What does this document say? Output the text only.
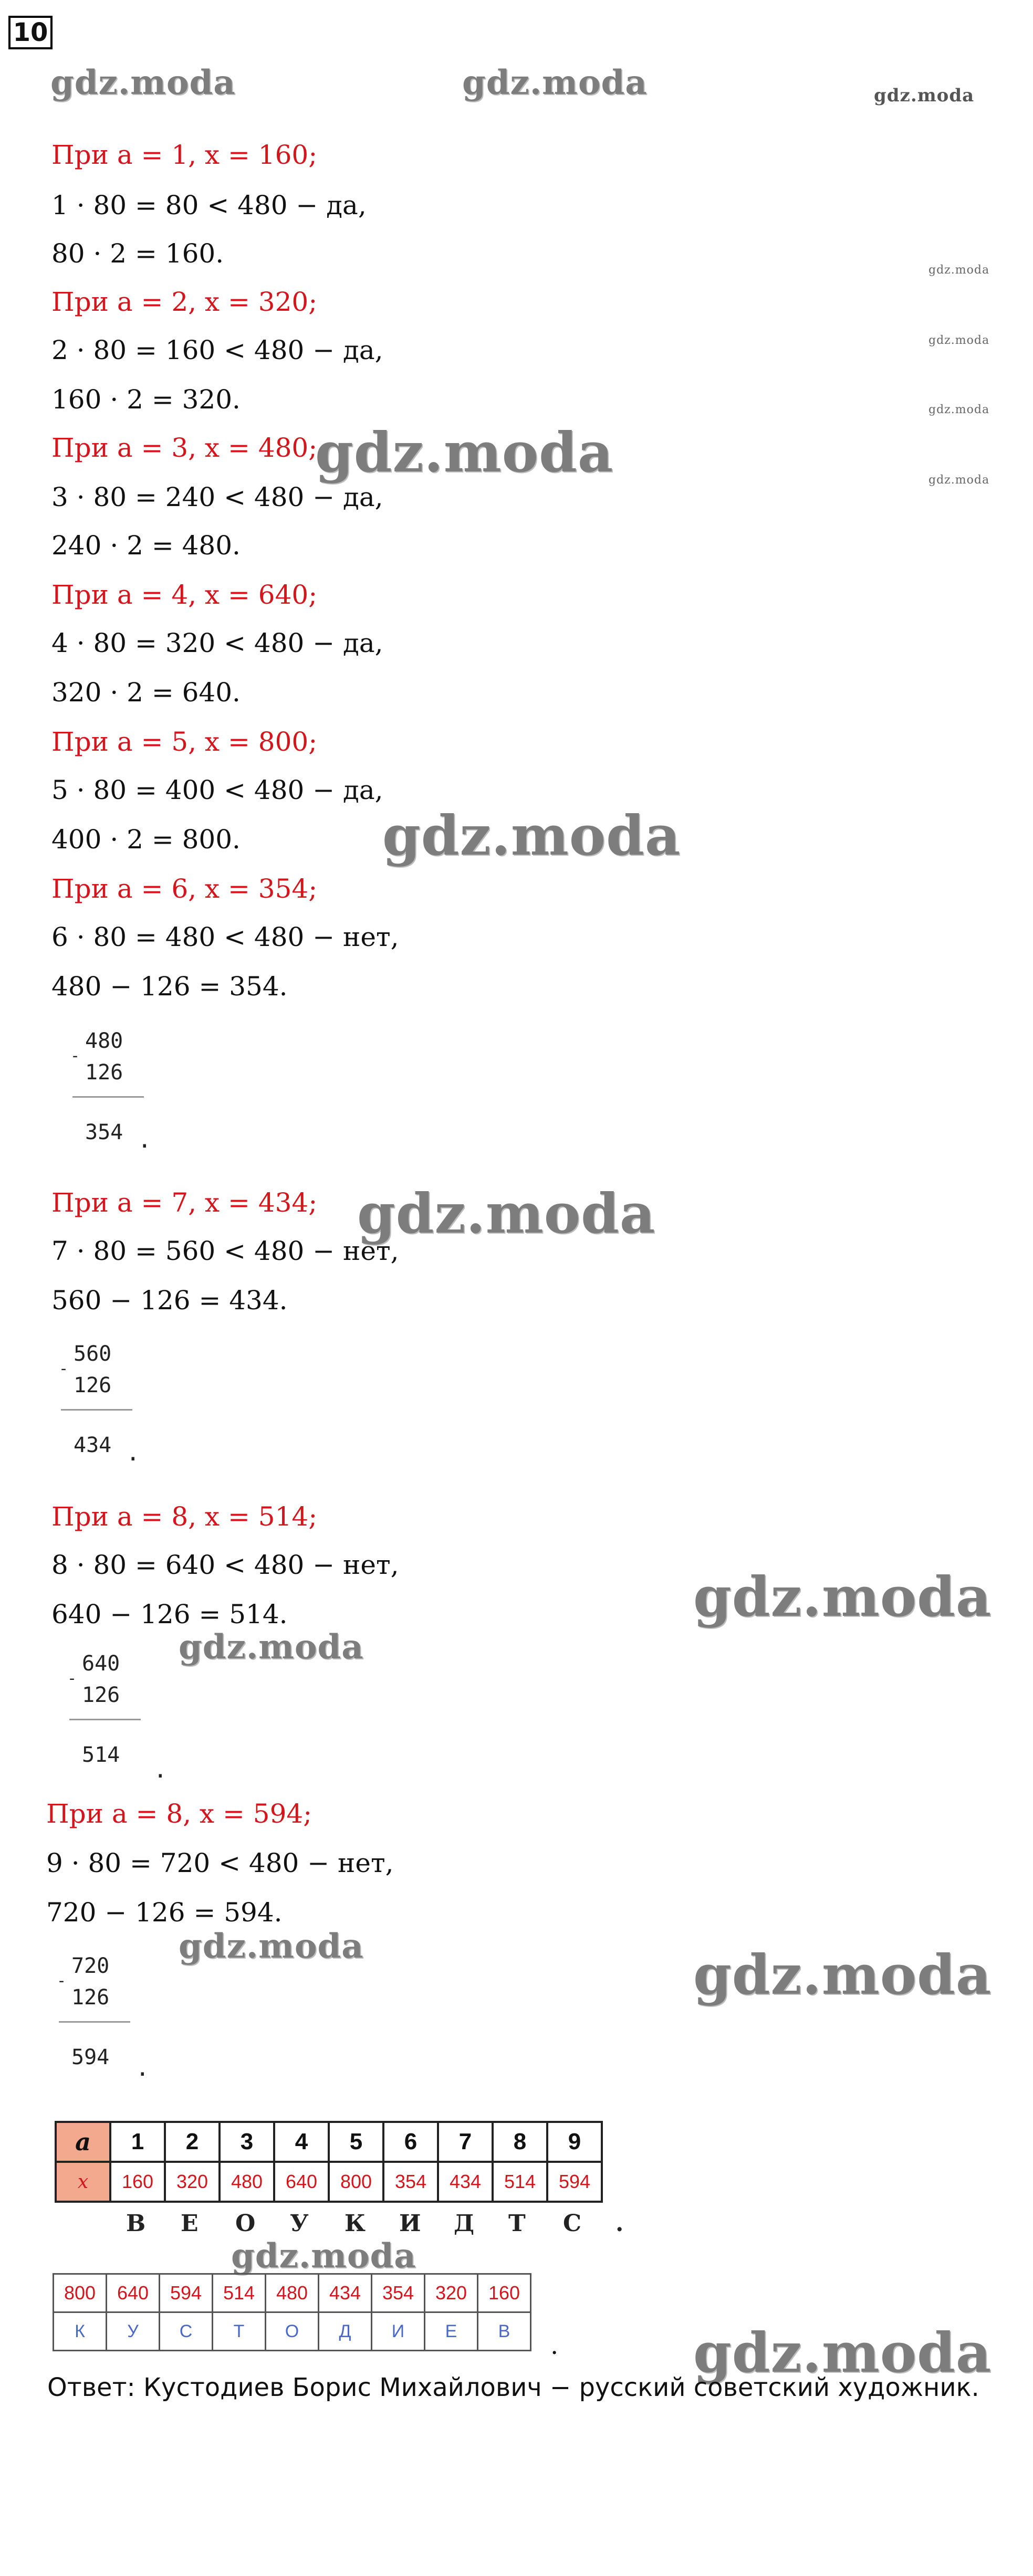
10
gdz.moda	gdz.moda	gdz.moda
gdz.moda
gdz.moda
gdz.moda
gdz.moda
gdz.moda
gdz.moda
gdz.moda
gdz.moda
gdz.moda
gdz.moda	gdz.moda
gdz.moda
gdz.moda
При a = 1, x = 160;
1 · 80 = 80 < 480 − да,
80 · 2 = 160.
При a = 2, x = 320;
2 · 80 = 160 < 480 − да,
160 · 2 = 320.
При a = 3, x = 480;
3 · 80 = 240 < 480 − да,
240 · 2 = 480.
При a = 4, x = 640;
4 · 80 = 320 < 480 − да,
320 · 2 = 640.
При a = 5, x = 800;
5 · 80 = 400 < 480 − да,
400 · 2 = 800.
При a = 6, x = 354;
6 · 80 = 480 < 480 − нет,
480 − 126 = 354.
-
480
126
354 .
При a = 7, x = 434;
7 · 80 = 560 < 480 − нет,
560 − 126 = 434.
-
560
126
434 .
При a = 8, x = 514;
8 · 80 = 640 < 480 − нет,
640 − 126 = 514.
-
640
126
514
.
При a = 8, x = 594;
9 · 80 = 720 < 480 − нет,
720 − 126 = 594.
-
720
126
594 .
a	1	2	3	4	5	6	7	8	9
x	160	320	480	640	800	354	434	514	594
В Е О У К И Д Т С .
800	640	594	514	480	434	354	320	160
К	У	С	Т	О	Д	И	Е	В .
Ответ: Кустодиев Борис Михайлович − русский советский художник.
